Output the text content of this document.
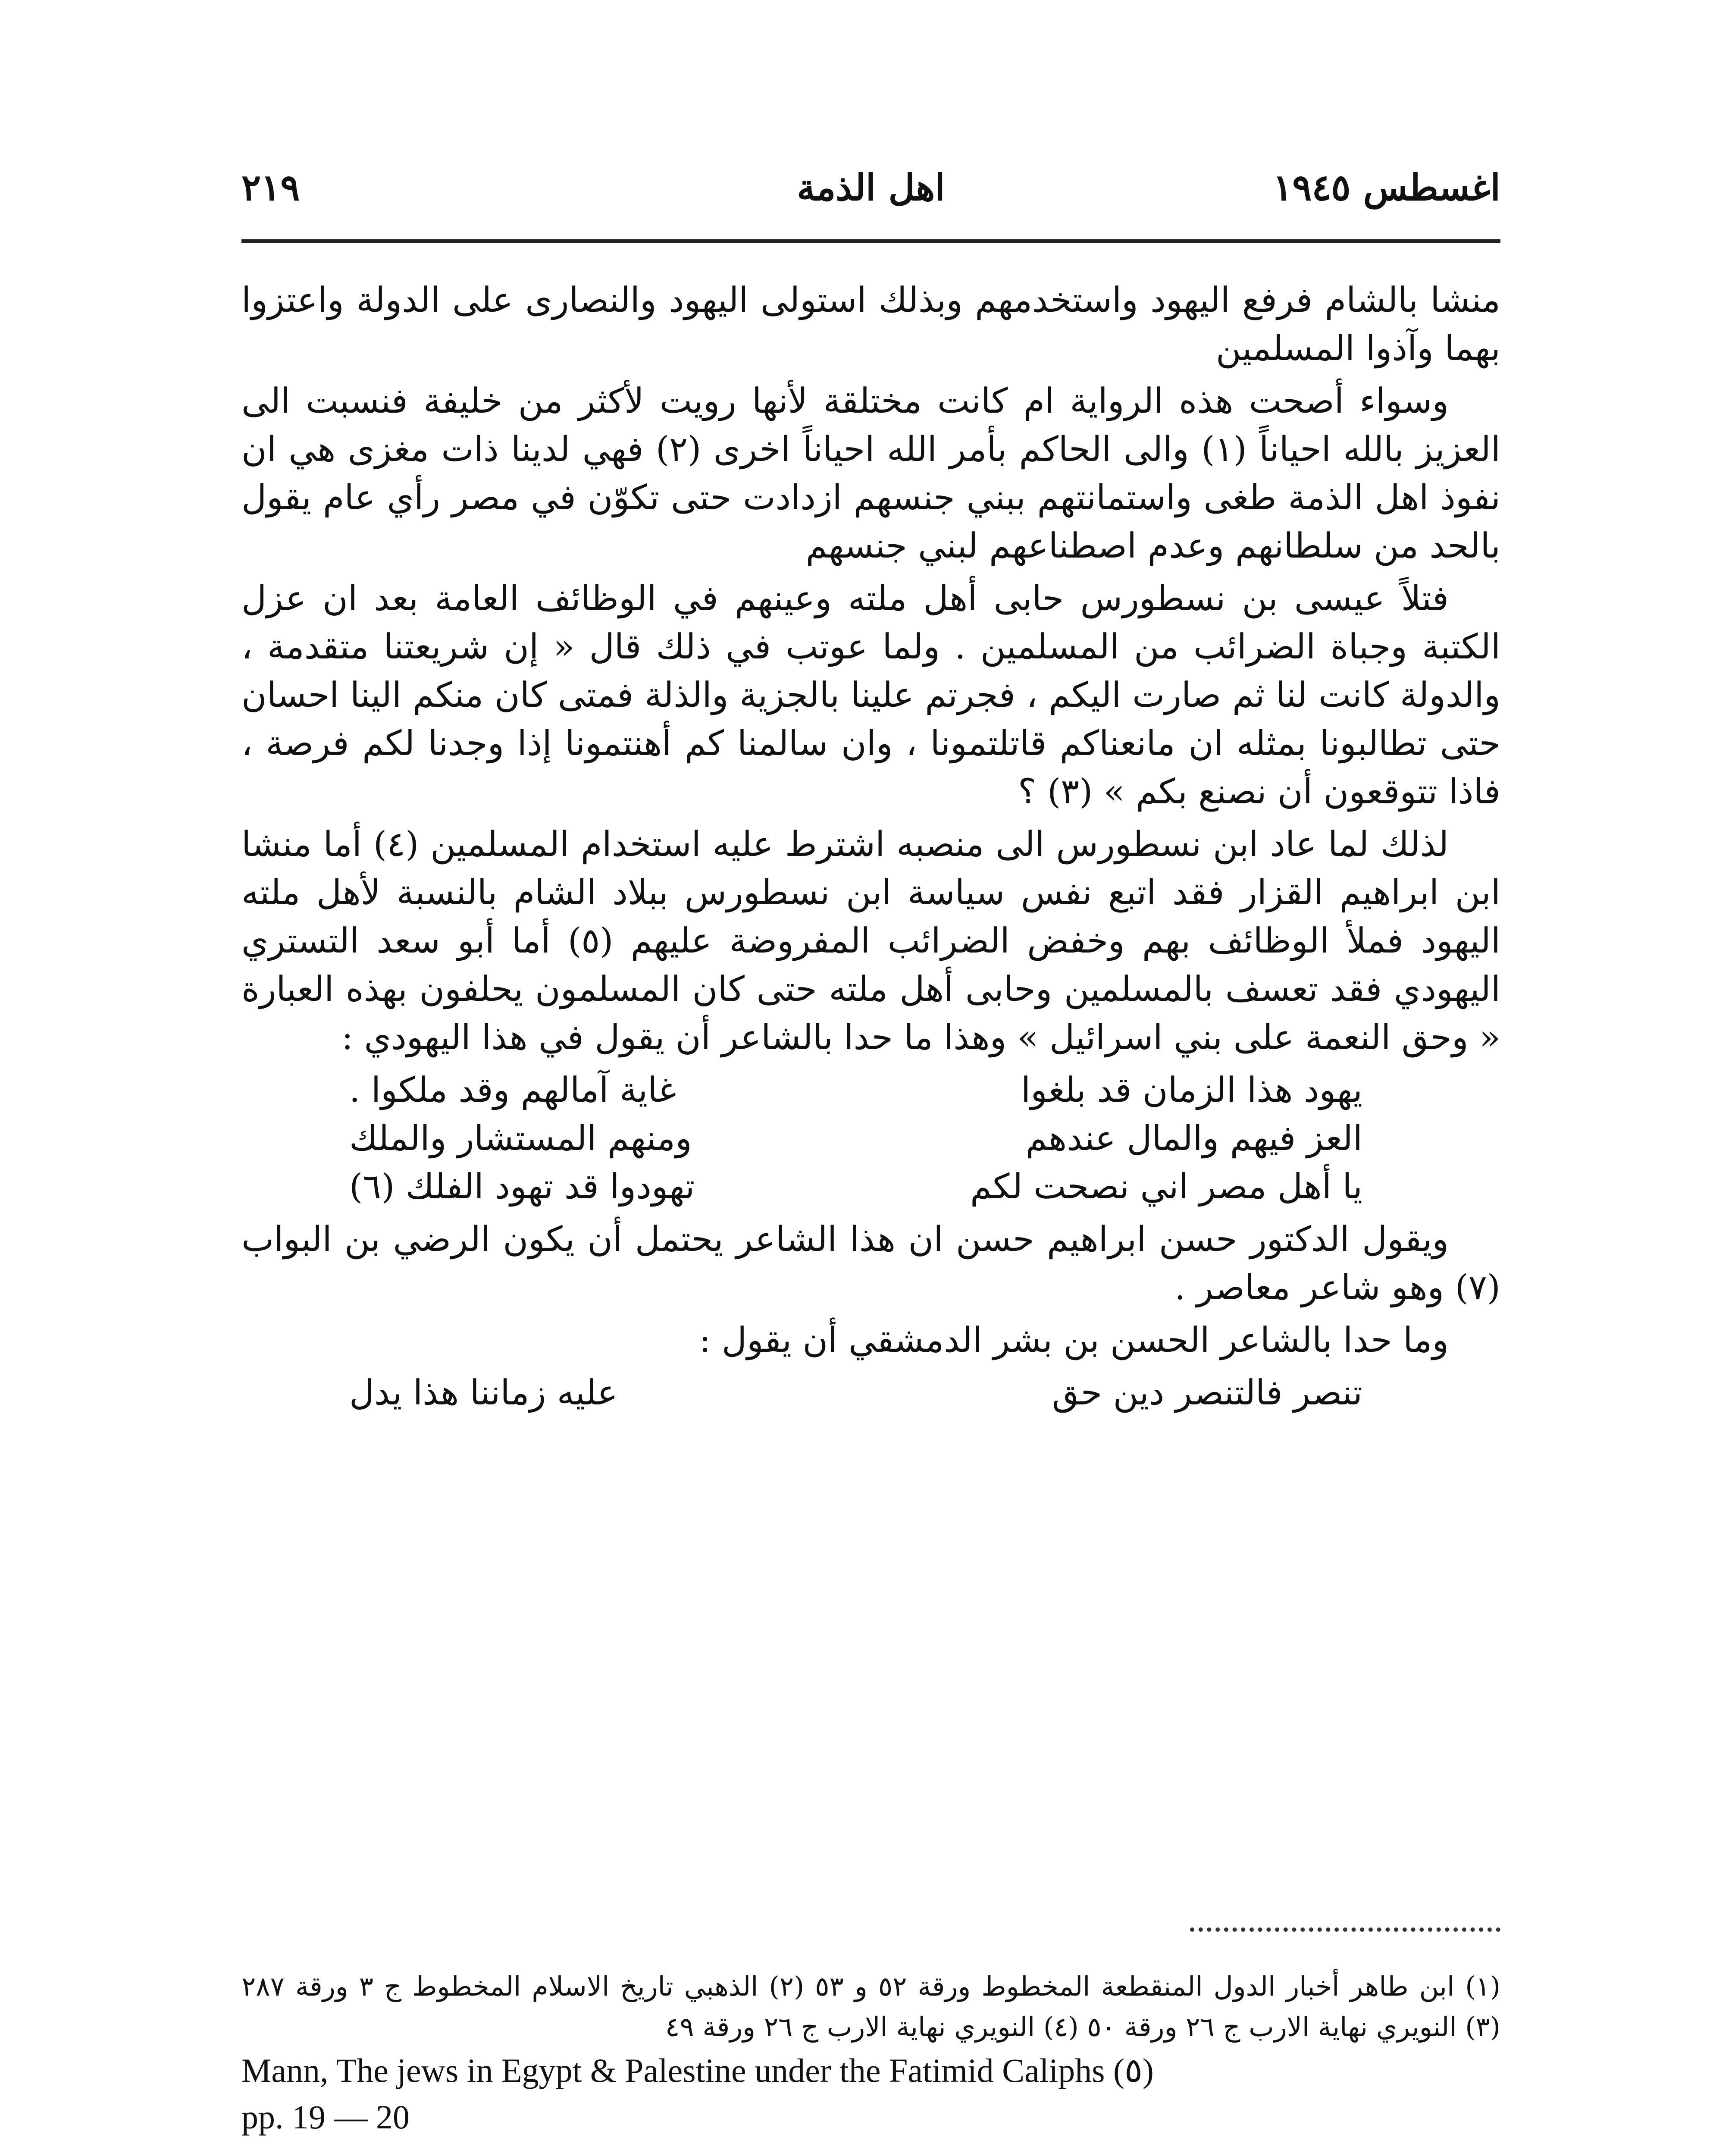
٢١٩	اهل الذمة	اغسطس ١٩٤٥

منشا بالشام فرفع اليهود واستخدمهم وبذلك استولى اليهود والنصارى على الدولة واعتزوا بهما وآذوا المسلمين

وسواء أصحت هذه الرواية ام كانت مختلقة لأنها رويت لأكثر من خليفة فنسبت الى العزيز بالله احياناً (١) والى الحاكم بأمر الله احياناً اخرى (٢) فهي لدينا ذات مغزى هي ان نفوذ اهل الذمة طغى واستمانتهم ببني جنسهم ازدادت حتى تكوّن في مصر رأي عام يقول بالحد من سلطانهم وعدم اصطناعهم لبني جنسهم

فتلاً عيسى بن نسطورس حابى أهل ملته وعينهم في الوظائف العامة بعد ان عزل الكتبة وجباة الضرائب من المسلمين . ولما عوتب في ذلك قال « إن شريعتنا متقدمة ، والدولة كانت لنا ثم صارت اليكم ، فجرتم علينا بالجزية والذلة فمتى كان منكم الينا احسان حتى تطالبونا بمثله ان مانعناكم قاتلتمونا ، وان سالمنا كم أهنتمونا إذا وجدنا لكم فرصة ، فاذا تتوقعون أن نصنع بكم » (٣) ؟

لذلك لما عاد ابن نسطورس الى منصبه اشترط عليه استخدام المسلمين (٤) أما منشا ابن ابراهيم القزار فقد اتبع نفس سياسة ابن نسطورس ببلاد الشام بالنسبة لأهل ملته اليهود فملأ الوظائف بهم وخفض الضرائب المفروضة عليهم (٥) أما أبو سعد التستري اليهودي فقد تعسف بالمسلمين وحابى أهل ملته حتى كان المسلمون يحلفون بهذه العبارة « وحق النعمة على بني اسرائيل » وهذا ما حدا بالشاعر أن يقول في هذا اليهودي :

يهود هذا الزمان قد بلغوا
غاية آمالهم وقد ملكوا .
العز فيهم والمال عندهم
ومنهم المستشار والملك
يا أهل مصر اني نصحت لكم
تهودوا قد تهود الفلك (٦)

ويقول الدكتور حسن ابراهيم حسن ان هذا الشاعر يحتمل أن يكون الرضي بن البواب (٧) وهو شاعر معاصر .

وما حدا بالشاعر الحسن بن بشر الدمشقي أن يقول :

تنصر فالتنصر دين حق
عليه زماننا هذا يدل

(١) ابن طاهر أخبار الدول المنقطعة المخطوط ورقة ٥٢ و ٥٣ (٢) الذهبي تاريخ الاسلام المخطوط ج ٣ ورقة ٢٨٧ (٣) النويري نهاية الارب ج ٢٦ ورقة ٥٠ (٤) النويري نهاية الارب ج ٢٦ ورقة ٤٩

Mann, The jews in Egypt & Palestine under the Fatimid Caliphs (٥)

pp. 19 — 20
